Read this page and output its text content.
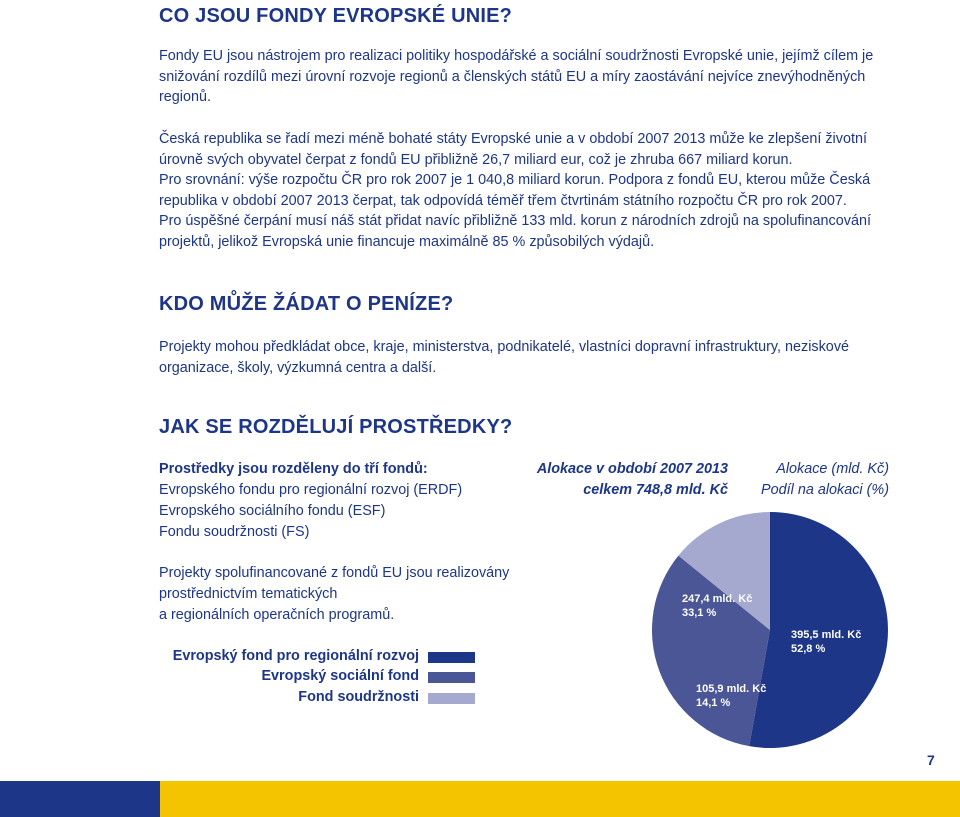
CO JSOU FONDY EVROPSKÉ UNIE?

Fondy EU jsou nástrojem pro realizaci politiky hospodářské a sociální soudržnosti Evropské unie, jejímž cílem je

snižování rozdílů mezi úrovní rozvoje regionů a členských států EU a míry zaostávání nejvíce znevýhodněných

regionů.

Česká republika se řadí mezi méně bohaté státy Evropské unie a v období 2007 2013 může ke zlepšení životní

úrovně svých obyvatel čerpat z fondů EU přibližně 26,7 miliard eur, což je zhruba 667 miliard korun.

Pro srovnání: výše rozpočtu ČR pro rok 2007 je 1 040,8 miliard korun. Podpora z fondů EU, kterou může Česká

republika v období 2007 2013 čerpat, tak odpovídá téměř třem čtvrtinám státního rozpočtu ČR pro rok 2007.

Pro úspěšné čerpání musí náš stát přidat navíc přibližně 133 mld. korun z národních zdrojů na spolufinancování

projektů, jelikož Evropská unie financuje maximálně 85 % způsobilých výdajů.

KDO MŮŽE ŽÁDAT O PENÍZE?

Projekty mohou předkládat obce, kraje, ministerstva, podnikatelé, vlastníci dopravní infrastruktury, neziskové

organizace, školy, výzkumná centra a další.

JAK SE ROZDĚLUJÍ PROSTŘEDKY?
Prostředky jsou rozděleny do tří fondů:
Evropského fondu pro regionální rozvoj (ERDF)
Evropského sociálního fondu (ESF)
Fondu soudržnosti (FS)
Alokace v období 2007 2013
celkem 748,8 mld. Kč
Alokace (mld. Kč)
Podíl na alokaci (%)
Projekty spolufinancované z fondů EU jsou realizovány
prostřednictvím tematických
a regionálních operačních programů.
Evropský fond pro regionální rozvoj
Evropský sociální fond
Fond soudržnosti
247,4 mld. Kč
33,1 %
395,5 mld. Kč
52,8 %
105,9 mld. Kč
14,1 %
7
